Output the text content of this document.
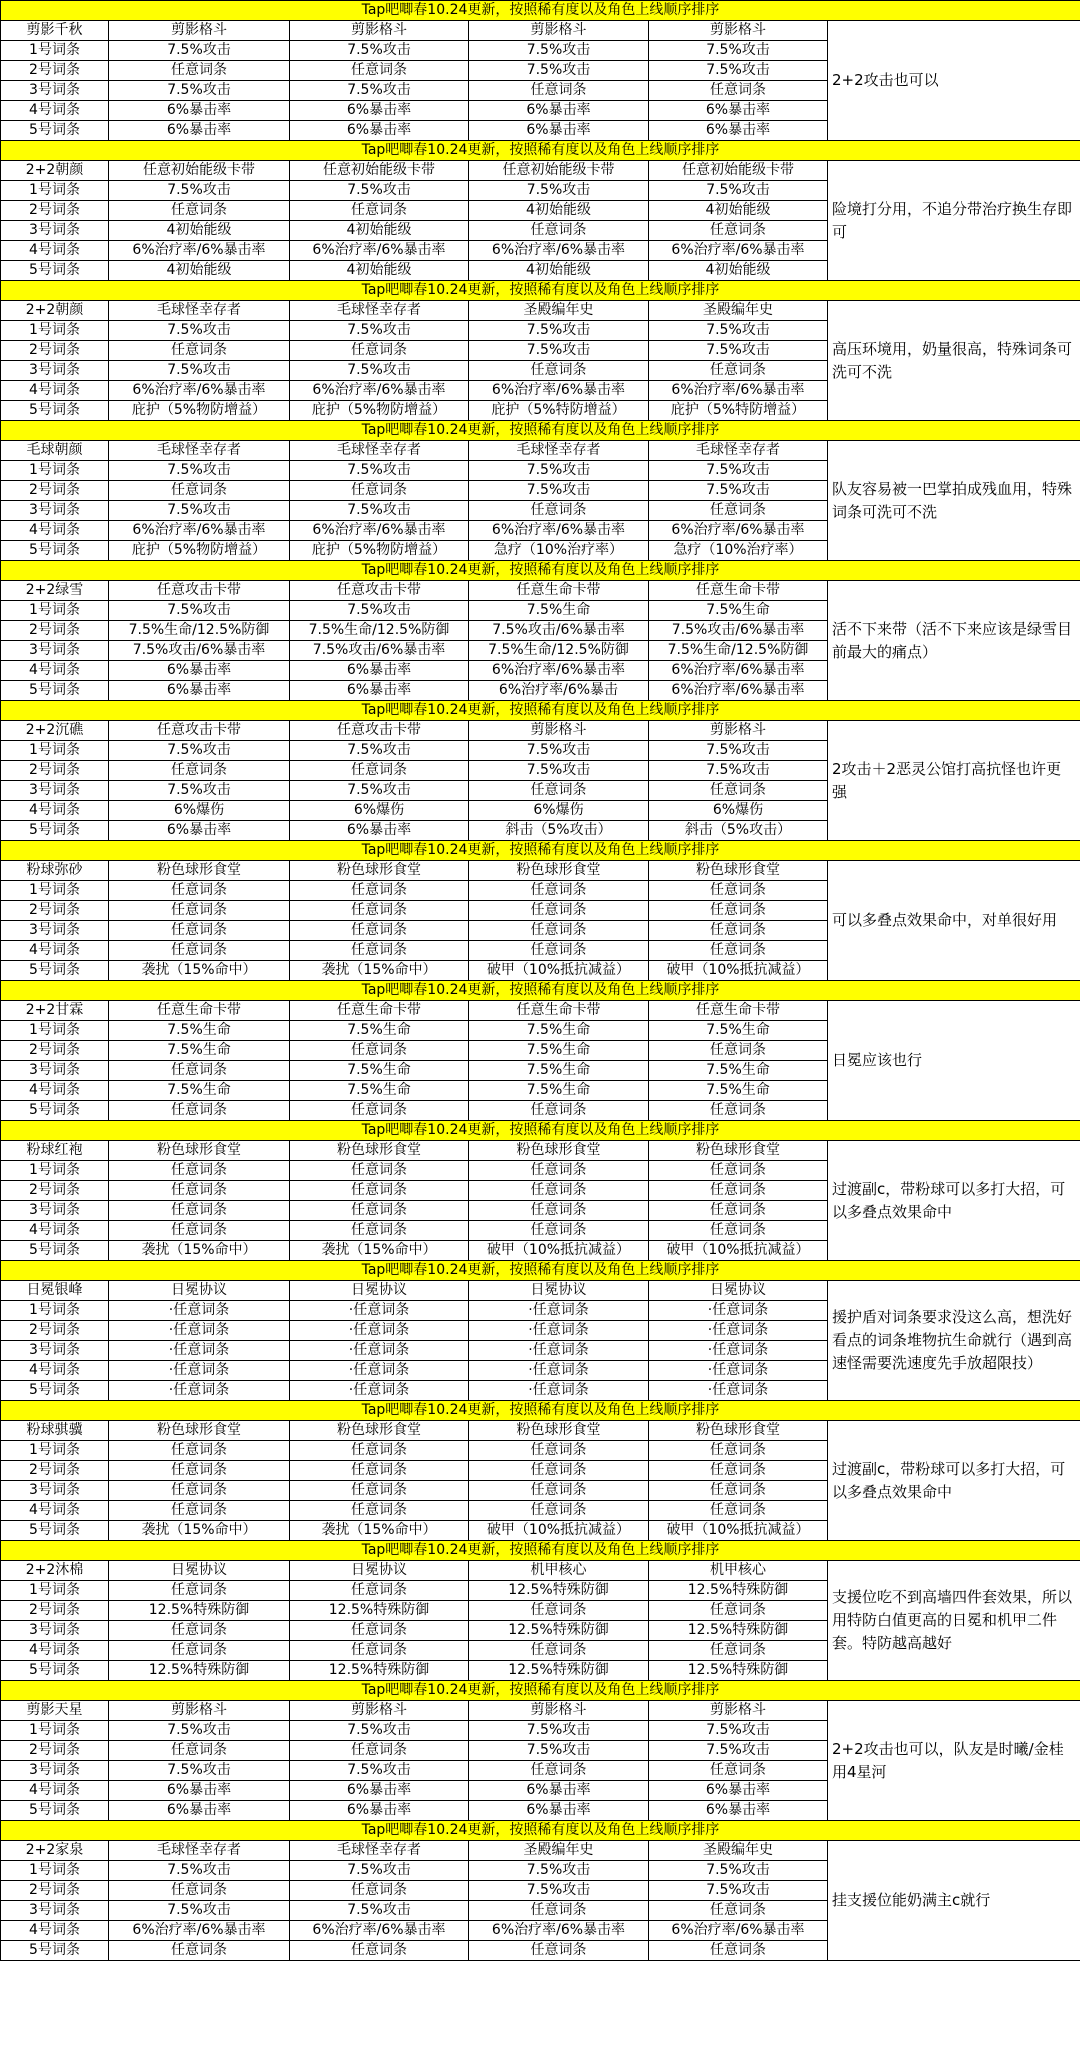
Tap吧唧春10.24更新，按照稀有度以及角色上线顺序排序					
剪影千秋	剪影格斗	剪影格斗	剪影格斗	剪影格斗	2+2攻击也可以
1号词条	7.5%攻击	7.5%攻击	7.5%攻击	7.5%攻击	
2号词条	任意词条	任意词条	7.5%攻击	7.5%攻击	
3号词条	7.5%攻击	7.5%攻击	任意词条	任意词条	
4号词条	6%暴击率	6%暴击率	6%暴击率	6%暴击率	
5号词条	6%暴击率	6%暴击率	6%暴击率	6%暴击率	
Tap吧唧春10.24更新，按照稀有度以及角色上线顺序排序					
2+2朝颜	任意初始能级卡带	任意初始能级卡带	任意初始能级卡带	任意初始能级卡带	险境打分用，不追分带治疗换生存即可
1号词条	7.5%攻击	7.5%攻击	7.5%攻击	7.5%攻击	
2号词条	任意词条	任意词条	4初始能级	4初始能级	
3号词条	4初始能级	4初始能级	任意词条	任意词条	
4号词条	6%治疗率/6%暴击率	6%治疗率/6%暴击率	6%治疗率/6%暴击率	6%治疗率/6%暴击率	
5号词条	4初始能级	4初始能级	4初始能级	4初始能级	
Tap吧唧春10.24更新，按照稀有度以及角色上线顺序排序					
2+2朝颜	毛球怪幸存者	毛球怪幸存者	圣殿编年史	圣殿编年史	高压环境用，奶量很高，特殊词条可洗可不洗
1号词条	7.5%攻击	7.5%攻击	7.5%攻击	7.5%攻击	
2号词条	任意词条	任意词条	7.5%攻击	7.5%攻击	
3号词条	7.5%攻击	7.5%攻击	任意词条	任意词条	
4号词条	6%治疗率/6%暴击率	6%治疗率/6%暴击率	6%治疗率/6%暴击率	6%治疗率/6%暴击率	
5号词条	庇护（5%物防增益）	庇护（5%物防增益）	庇护（5%特防增益）	庇护（5%特防增益）	
Tap吧唧春10.24更新，按照稀有度以及角色上线顺序排序					
毛球朝颜	毛球怪幸存者	毛球怪幸存者	毛球怪幸存者	毛球怪幸存者	队友容易被一巴掌拍成残血用，特殊词条可洗可不洗
1号词条	7.5%攻击	7.5%攻击	7.5%攻击	7.5%攻击	
2号词条	任意词条	任意词条	7.5%攻击	7.5%攻击	
3号词条	7.5%攻击	7.5%攻击	任意词条	任意词条	
4号词条	6%治疗率/6%暴击率	6%治疗率/6%暴击率	6%治疗率/6%暴击率	6%治疗率/6%暴击率	
5号词条	庇护（5%物防增益）	庇护（5%物防增益）	急疗（10%治疗率）	急疗（10%治疗率）	
Tap吧唧春10.24更新，按照稀有度以及角色上线顺序排序					
2+2绿雪	任意攻击卡带	任意攻击卡带	任意生命卡带	任意生命卡带	活不下来带（活不下来应该是绿雪目前最大的痛点）
1号词条	7.5%攻击	7.5%攻击	7.5%生命	7.5%生命	
2号词条	7.5%生命/12.5%防御	7.5%生命/12.5%防御	7.5%攻击/6%暴击率	7.5%攻击/6%暴击率	
3号词条	7.5%攻击/6%暴击率	7.5%攻击/6%暴击率	7.5%生命/12.5%防御	7.5%生命/12.5%防御	
4号词条	6%暴击率	6%暴击率	6%治疗率/6%暴击率	6%治疗率/6%暴击率	
5号词条	6%暴击率	6%暴击率	6%治疗率/6%暴击	6%治疗率/6%暴击率	
Tap吧唧春10.24更新，按照稀有度以及角色上线顺序排序					
2+2沉礁	任意攻击卡带	任意攻击卡带	剪影格斗	剪影格斗	2攻击＋2恶灵公馆打高抗怪也许更强
1号词条	7.5%攻击	7.5%攻击	7.5%攻击	7.5%攻击	
2号词条	任意词条	任意词条	7.5%攻击	7.5%攻击	
3号词条	7.5%攻击	7.5%攻击	任意词条	任意词条	
4号词条	6%爆伤	6%爆伤	6%爆伤	6%爆伤	
5号词条	6%暴击率	6%暴击率	斜击（5%攻击）	斜击（5%攻击）	
Tap吧唧春10.24更新，按照稀有度以及角色上线顺序排序					
粉球弥砂	粉色球形食堂	粉色球形食堂	粉色球形食堂	粉色球形食堂	可以多叠点效果命中，对单很好用
1号词条	任意词条	任意词条	任意词条	任意词条	
2号词条	任意词条	任意词条	任意词条	任意词条	
3号词条	任意词条	任意词条	任意词条	任意词条	
4号词条	任意词条	任意词条	任意词条	任意词条	
5号词条	袭扰（15%命中）	袭扰（15%命中）	破甲（10%抵抗减益）	破甲（10%抵抗减益）	
Tap吧唧春10.24更新，按照稀有度以及角色上线顺序排序					
2+2甘霖	任意生命卡带	任意生命卡带	任意生命卡带	任意生命卡带	日冕应该也行
1号词条	7.5%生命	7.5%生命	7.5%生命	7.5%生命	
2号词条	7.5%生命	任意词条	7.5%生命	任意词条	
3号词条	任意词条	7.5%生命	7.5%生命	7.5%生命	
4号词条	7.5%生命	7.5%生命	7.5%生命	7.5%生命	
5号词条	任意词条	任意词条	任意词条	任意词条	
Tap吧唧春10.24更新，按照稀有度以及角色上线顺序排序					
粉球红袍	粉色球形食堂	粉色球形食堂	粉色球形食堂	粉色球形食堂	过渡副c，带粉球可以多打大招，可以多叠点效果命中
1号词条	任意词条	任意词条	任意词条	任意词条	
2号词条	任意词条	任意词条	任意词条	任意词条	
3号词条	任意词条	任意词条	任意词条	任意词条	
4号词条	任意词条	任意词条	任意词条	任意词条	
5号词条	袭扰（15%命中）	袭扰（15%命中）	破甲（10%抵抗减益）	破甲（10%抵抗减益）	
Tap吧唧春10.24更新，按照稀有度以及角色上线顺序排序					
日冕银峰	日冕协议	日冕协议	日冕协议	日冕协议	援护盾对词条要求没这么高，想洗好看点的词条堆物抗生命就行（遇到高速怪需要洗速度先手放超限技）
1号词条	·任意词条	·任意词条	·任意词条	·任意词条	
2号词条	·任意词条	·任意词条	·任意词条	·任意词条	
3号词条	·任意词条	·任意词条	·任意词条	·任意词条	
4号词条	·任意词条	·任意词条	·任意词条	·任意词条	
5号词条	·任意词条	·任意词条	·任意词条	·任意词条	
Tap吧唧春10.24更新，按照稀有度以及角色上线顺序排序					
粉球骐骥	粉色球形食堂	粉色球形食堂	粉色球形食堂	粉色球形食堂	过渡副c，带粉球可以多打大招，可以多叠点效果命中
1号词条	任意词条	任意词条	任意词条	任意词条	
2号词条	任意词条	任意词条	任意词条	任意词条	
3号词条	任意词条	任意词条	任意词条	任意词条	
4号词条	任意词条	任意词条	任意词条	任意词条	
5号词条	袭扰（15%命中）	袭扰（15%命中）	破甲（10%抵抗减益）	破甲（10%抵抗减益）	
Tap吧唧春10.24更新，按照稀有度以及角色上线顺序排序					
2+2沐棉	日冕协议	日冕协议	机甲核心	机甲核心	支援位吃不到高墙四件套效果，所以用特防白值更高的日冕和机甲二件套。特防越高越好
1号词条	任意词条	任意词条	12.5%特殊防御	12.5%特殊防御	
2号词条	12.5%特殊防御	12.5%特殊防御	任意词条	任意词条	
3号词条	任意词条	任意词条	12.5%特殊防御	12.5%特殊防御	
4号词条	任意词条	任意词条	任意词条	任意词条	
5号词条	12.5%特殊防御	12.5%特殊防御	12.5%特殊防御	12.5%特殊防御	
Tap吧唧春10.24更新，按照稀有度以及角色上线顺序排序					
剪影天星	剪影格斗	剪影格斗	剪影格斗	剪影格斗	2+2攻击也可以，队友是时曦/金桂用4星河
1号词条	7.5%攻击	7.5%攻击	7.5%攻击	7.5%攻击	
2号词条	任意词条	任意词条	7.5%攻击	7.5%攻击	
3号词条	7.5%攻击	7.5%攻击	任意词条	任意词条	
4号词条	6%暴击率	6%暴击率	6%暴击率	6%暴击率	
5号词条	6%暴击率	6%暴击率	6%暴击率	6%暴击率	
Tap吧唧春10.24更新，按照稀有度以及角色上线顺序排序					
2+2家泉	毛球怪幸存者	毛球怪幸存者	圣殿编年史	圣殿编年史	挂支援位能奶满主c就行
1号词条	7.5%攻击	7.5%攻击	7.5%攻击	7.5%攻击	
2号词条	任意词条	任意词条	7.5%攻击	7.5%攻击	
3号词条	7.5%攻击	7.5%攻击	任意词条	任意词条	
4号词条	6%治疗率/6%暴击率	6%治疗率/6%暴击率	6%治疗率/6%暴击率	6%治疗率/6%暴击率	
5号词条	任意词条	任意词条	任意词条	任意词条	
